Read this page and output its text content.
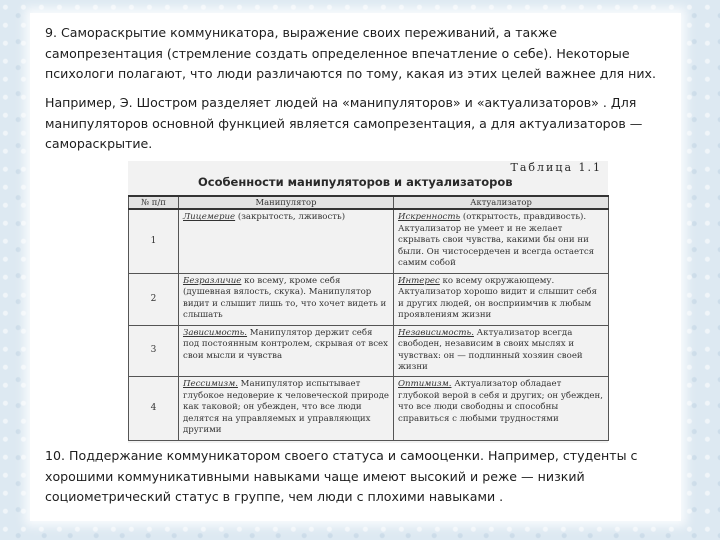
9. Самораскрытие коммуникатора, выражение своих переживаний, а также самопрезентация (стремление создать определенное впечатление о себе). Некоторые психологи полагают, что люди различаются по тому, какая из этих целей важнее для них.

Например, Э. Шостром разделяет людей на «манипуляторов» и «актуализаторов» . Для манипуляторов основной функцией является самопрезентация, а для актуализаторов — самораскрытие.

Таблица 1.1
Особенности манипуляторов и актуализаторов
№ п/п	Манипулятор	Актуализатор
1	Лицемерие (закрытость, лживость)	Искренность (открытость, правдивость). Актуализатор не умеет и не желает скрывать свои чувства, какими бы они ни были. Он чистосердечен и всегда остается самим собой
2	Безразличие ко всему, кроме себя (душевная вялость, скука). Манипулятор видит и слышит лишь то, что хочет видеть и слышать	Интерес ко всему окружающему. Актуализатор хорошо видит и слышит себя и других людей, он восприимчив к любым проявлениям жизни
3	Зависимость. Манипулятор держит себя под постоянным контролем, скрывая от всех свои мысли и чувства	Независимость. Актуализатор всегда свободен, независим в своих мыслях и чувствах: он — подлинный хозяин своей жизни
4	Пессимизм. Манипулятор испытывает глубокое недоверие к человеческой природе как таковой; он убежден, что все люди делятся на управляемых и управляющих другими	Оптимизм. Актуализатор обладает глубокой верой в себя и других; он убежден, что все люди свободны и способны справиться с любыми трудностями

10. Поддержание коммуникатором своего статуса и самооценки. Например, студенты с хорошими коммуникативными навыками чаще имеют высокий и реже — низкий социометрический статус в группе, чем люди с плохими навыками .
